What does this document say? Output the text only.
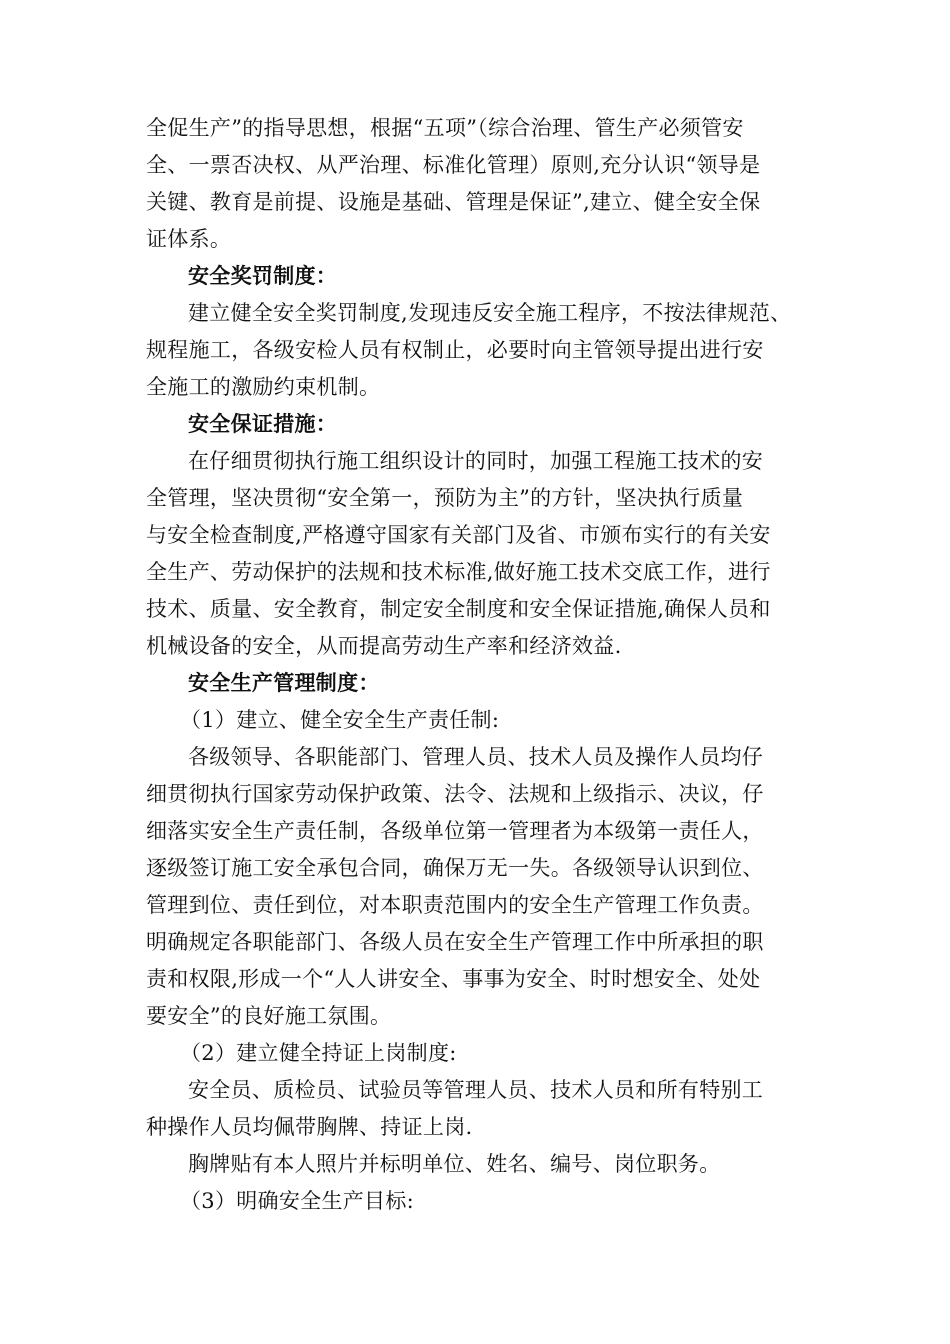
全促生产”的指导思想，根据“五项”（综合治理、管生产必须管安
全、一票否决权、从严治理、标准化管理）原则,充分认识“领导是
关键、教育是前提、设施是基础、管理是保证”,建立、健全安全保
证体系。
安全奖罚制度：
建立健全安全奖罚制度,发现违反安全施工程序，不按法律规范、
规程施工，各级安检人员有权制止，必要时向主管领导提出进行安
全施工的激励约束机制。
安全保证措施：
在仔细贯彻执行施工组织设计的同时，加强工程施工技术的安
全管理，坚决贯彻“安全第一，预防为主”的方针，坚决执行质量
与安全检查制度,严格遵守国家有关部门及省、市颁布实行的有关安
全生产、劳动保护的法规和技术标准,做好施工技术交底工作，进行
技术、质量、安全教育，制定安全制度和安全保证措施,确保人员和
机械设备的安全，从而提高劳动生产率和经济效益.
安全生产管理制度：
（1）建立、健全安全生产责任制:
各级领导、各职能部门、管理人员、技术人员及操作人员均仔
细贯彻执行国家劳动保护政策、法令、法规和上级指示、决议，仔
细落实安全生产责任制，各级单位第一管理者为本级第一责任人，
逐级签订施工安全承包合同，确保万无一失。各级领导认识到位、
管理到位、责任到位，对本职责范围内的安全生产管理工作负责。
明确规定各职能部门、各级人员在安全生产管理工作中所承担的职
责和权限,形成一个“人人讲安全、事事为安全、时时想安全、处处
要安全”的良好施工氛围。
（2）建立健全持证上岗制度:
安全员、质检员、试验员等管理人员、技术人员和所有特别工
种操作人员均佩带胸牌、持证上岗.
胸牌贴有本人照片并标明单位、姓名、编号、岗位职务。
（3）明确安全生产目标:
